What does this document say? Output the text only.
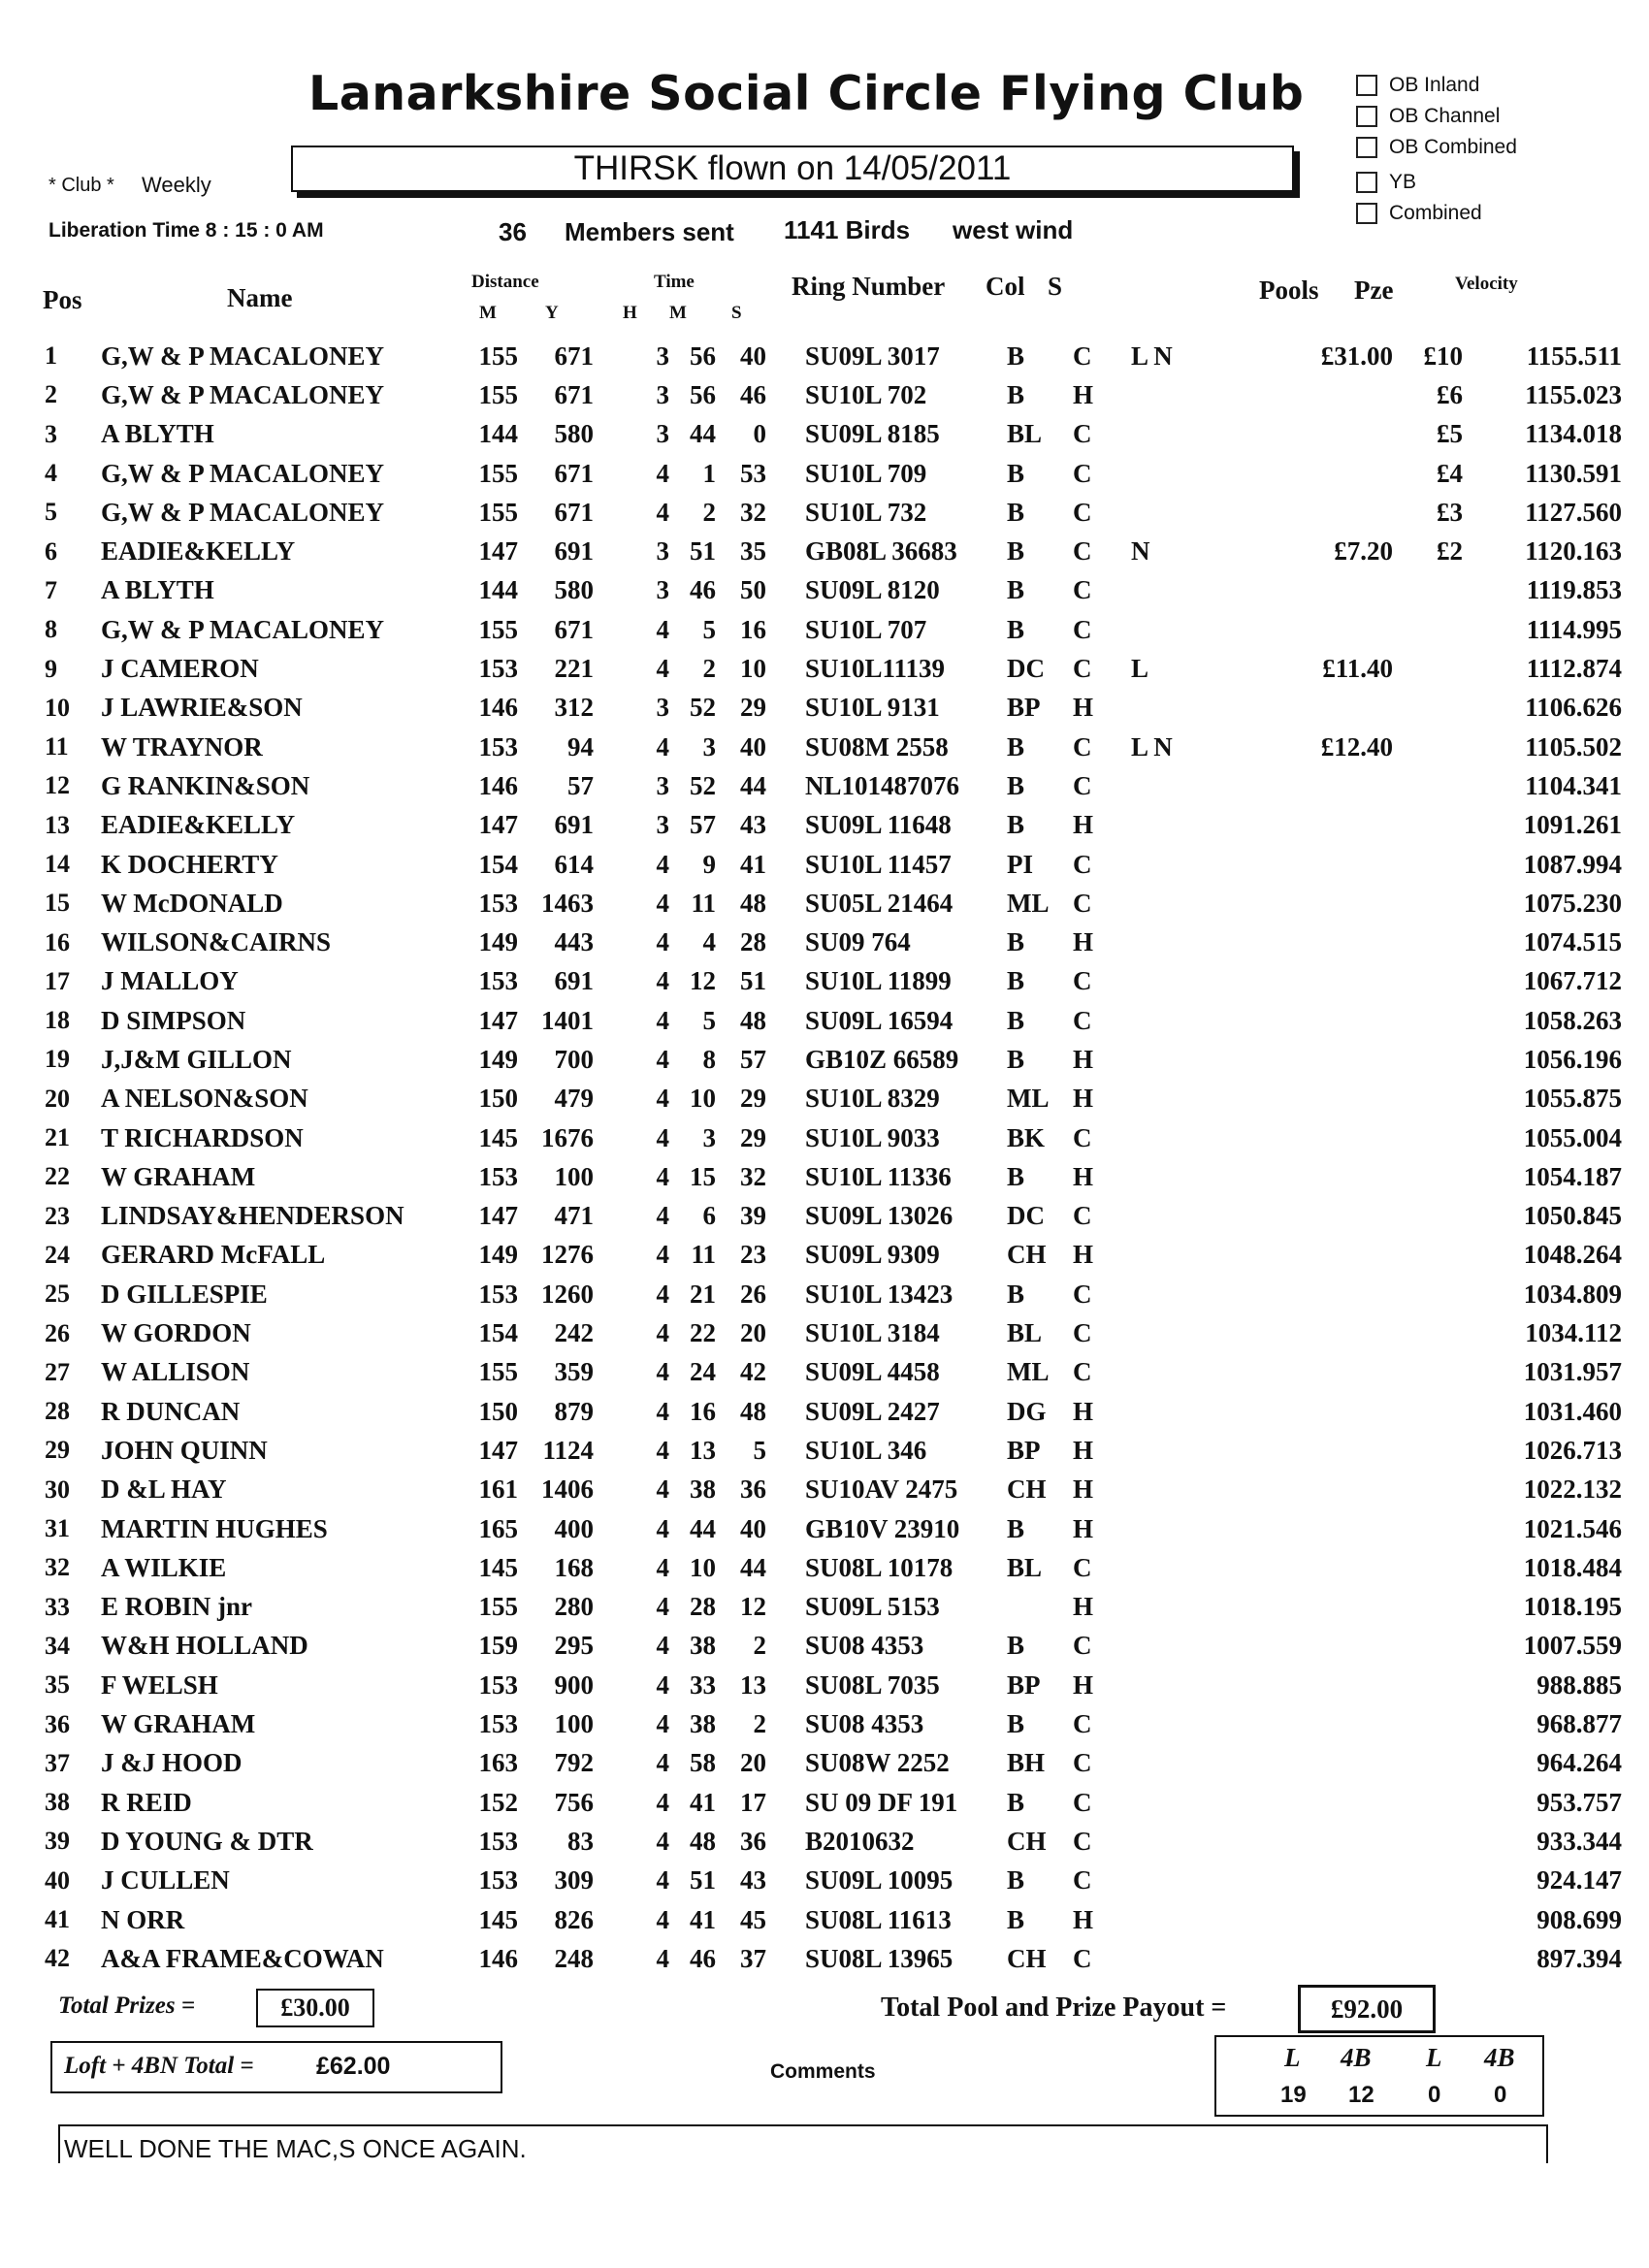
Lanarkshire Social Circle Flying Club
THIRSK flown on 14/05/2011
* Club * Weekly
Liberation Time 8 : 15 : 0 AM	36 Members sent 1141 Birds west wind
OB Inland
OB Channel
OB Combined
YB
Combined
Pos	Name
Distance
M	Y
Time
H M S
Ring Number Col S	Pools Pze	Velocity
1	G,W & P MACALONEY	155	671	3	56	40	SU09L 3017	B	C	L N	£31.00	£10	1155.511
2	G,W & P MACALONEY	155	671	3	56	46	SU10L 702	B	H			£6	1155.023
3	A BLYTH	144	580	3	44	0	SU09L 8185	BL	C			£5	1134.018
4	G,W & P MACALONEY	155	671	4	1	53	SU10L 709	B	C			£4	1130.591
5	G,W & P MACALONEY	155	671	4	2	32	SU10L 732	B	C			£3	1127.560
6	EADIE&KELLY	147	691	3	51	35	GB08L 36683	B	C	N	£7.20	£2	1120.163
7	A BLYTH	144	580	3	46	50	SU09L 8120	B	C				1119.853
8	G,W & P MACALONEY	155	671	4	5	16	SU10L 707	B	C				1114.995
9	J CAMERON	153	221	4	2	10	SU10L11139	DC	C	L	£11.40		1112.874
10	J LAWRIE&SON	146	312	3	52	29	SU10L 9131	BP	H				1106.626
11	W TRAYNOR	153	94	4	3	40	SU08M 2558	B	C	L N	£12.40		1105.502
12	G RANKIN&SON	146	57	3	52	44	NL101487076	B	C				1104.341
13	EADIE&KELLY	147	691	3	57	43	SU09L 11648	B	H				1091.261
14	K DOCHERTY	154	614	4	9	41	SU10L 11457	PI	C				1087.994
15	W McDONALD	153	1463	4	11	48	SU05L 21464	ML	C				1075.230
16	WILSON&CAIRNS	149	443	4	4	28	SU09 764	B	H				1074.515
17	J MALLOY	153	691	4	12	51	SU10L 11899	B	C				1067.712
18	D SIMPSON	147	1401	4	5	48	SU09L 16594	B	C				1058.263
19	J,J&M GILLON	149	700	4	8	57	GB10Z 66589	B	H				1056.196
20	A NELSON&SON	150	479	4	10	29	SU10L 8329	ML	H				1055.875
21	T RICHARDSON	145	1676	4	3	29	SU10L 9033	BK	C				1055.004
22	W GRAHAM	153	100	4	15	32	SU10L 11336	B	H				1054.187
23	LINDSAY&HENDERSON	147	471	4	6	39	SU09L 13026	DC	C				1050.845
24	GERARD McFALL	149	1276	4	11	23	SU09L 9309	CH	H				1048.264
25	D GILLESPIE	153	1260	4	21	26	SU10L 13423	B	C				1034.809
26	W GORDON	154	242	4	22	20	SU10L 3184	BL	C				1034.112
27	W ALLISON	155	359	4	24	42	SU09L 4458	ML	C				1031.957
28	R DUNCAN	150	879	4	16	48	SU09L 2427	DG	H				1031.460
29	JOHN QUINN	147	1124	4	13	5	SU10L 346	BP	H				1026.713
30	D &L HAY	161	1406	4	38	36	SU10AV 2475	CH	H				1022.132
31	MARTIN HUGHES	165	400	4	44	40	GB10V 23910	B	H				1021.546
32	A WILKIE	145	168	4	10	44	SU08L 10178	BL	C				1018.484
33	E ROBIN jnr	155	280	4	28	12	SU09L 5153		H				1018.195
34	W&H HOLLAND	159	295	4	38	2	SU08 4353	B	C				1007.559
35	F WELSH	153	900	4	33	13	SU08L 7035	BP	H				988.885
36	W GRAHAM	153	100	4	38	2	SU08 4353	B	C				968.877
37	J &J HOOD	163	792	4	58	20	SU08W 2252	BH	C				964.264
38	R REID	152	756	4	41	17	SU 09 DF 191	B	C				953.757
39	D YOUNG & DTR	153	83	4	48	36	B2010632	CH	C				933.344
40	J CULLEN	153	309	4	51	43	SU09L 10095	B	C				924.147
41	N ORR	145	826	4	41	45	SU08L 11613	B	H				908.699
42	A&A FRAME&COWAN	146	248	4	46	37	SU08L 13965	CH	C				897.394
Total Prizes =	£30.00	Total Pool and Prize Payout =	£92.00
Loft + 4BN Total =	£62.00	Comments	L 4B L 4B
19 12 0 0
WELL DONE THE MAC,S ONCE AGAIN.
